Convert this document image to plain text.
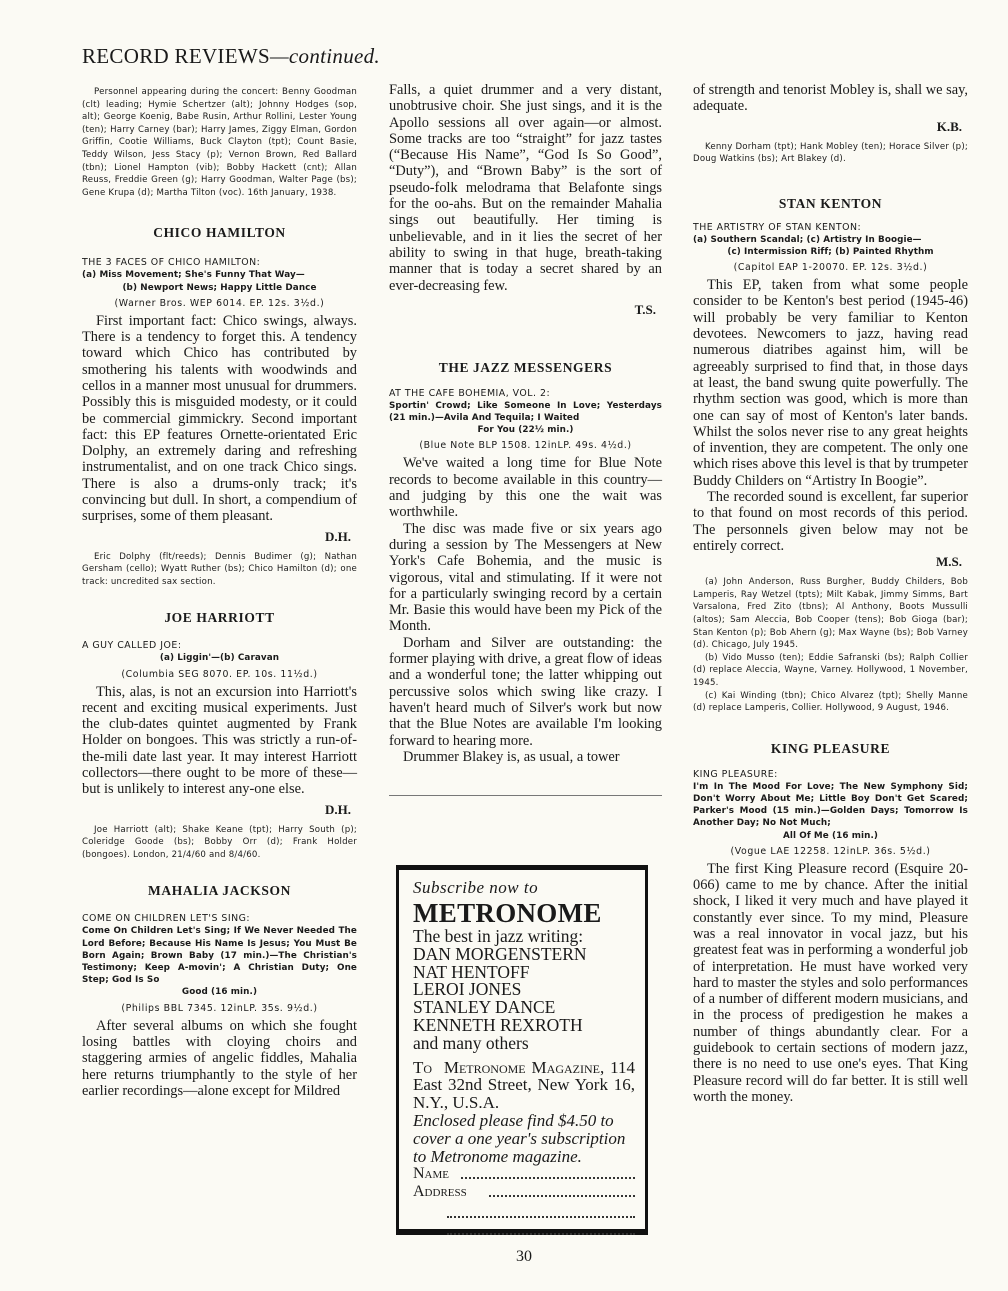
RECORD REVIEWS—continued.
Personnel appearing during the concert: Benny Goodman (clt) leading; Hymie Schertzer (alt); Johnny Hodges (sop, alt); George Koenig, Babe Rusin, Arthur Rollini, Lester Young (ten); Harry Carney (bar); Harry James, Ziggy Elman, Gordon Griffin, Cootie Williams, Buck Clayton (tpt); Count Basie, Teddy Wilson, Jess Stacy (p); Vernon Brown, Red Ballard (tbn); Lionel Hampton (vib); Bobby Hackett (cnt); Allan Reuss, Freddie Green (g); Harry Goodman, Walter Page (bs); Gene Krupa (d); Martha Tilton (voc). 16th January, 1938.
CHICO HAMILTON

THE 3 FACES OF CHICO HAMILTON:

(a) Miss Movement; She's Funny That Way—
(b) Newport News; Happy Little Dance

(Warner Bros. WEP 6014. EP. 12s. 3½d.)

First important fact: Chico swings, always. There is a tendency to forget this. A tendency toward which Chico has contributed by smothering his talents with woodwinds and cellos in a manner most unusual for drummers. Possibly this is misguided modesty, or it could be commercial gimmickry. Second important fact: this EP features Ornette-orientated Eric Dolphy, an extremely daring and refreshing instrumentalist, and on one track Chico sings. There is also a drums-only track; it's convincing but dull. In short, a compendium of surprises, some of them pleasant.

D.H.
Eric Dolphy (flt/reeds); Dennis Budimer (g); Nathan Gersham (cello); Wyatt Ruther (bs); Chico Hamilton (d); one track: uncredited sax section.
JOE HARRIOTT

A GUY CALLED JOE:

(a) Liggin'—(b) Caravan

(Columbia SEG 8070. EP. 10s. 11½d.)

This, alas, is not an excursion into Harriott's recent and exciting musical experiments. Just the club-dates quintet augmented by Frank Holder on bongoes. This was strictly a run-of-the-mili date last year. It may interest Harriott collectors—there ought to be more of these—but is unlikely to interest any-one else.

D.H.
Joe Harriott (alt); Shake Keane (tpt); Harry South (p); Coleridge Goode (bs); Bobby Orr (d); Frank Holder (bongoes). London, 21/4/60 and 8/4/60.
MAHALIA JACKSON

COME ON CHILDREN LET'S SING:

Come On Children Let's Sing; If We Never Needed The Lord Before; Because His Name Is Jesus; You Must Be Born Again; Brown Baby (17 min.)—The Christian's Testimony; Keep A-movin'; A Christian Duty; One Step; God Is So
Good (16 min.)

(Philips BBL 7345. 12inLP. 35s. 9½d.)

After several albums on which she fought losing battles with cloying choirs and staggering armies of angelic fiddles, Mahalia here returns triumphantly to the style of her earlier recordings—alone except for Mildred

Falls, a quiet drummer and a very distant, unobtrusive choir. She just sings, and it is the Apollo sessions all over again—or almost. Some tracks are too “straight” for jazz tastes (“Because His Name”, “God Is So Good”, “Duty”), and “Brown Baby” is the sort of pseudo-folk melodrama that Belafonte sings for the oo-ahs. But on the remainder Mahalia sings out beautifully. Her timing is unbelievable, and in it lies the secret of her ability to swing in that huge, breath-taking manner that is today a secret shared by an ever-decreasing few.

T.S.
THE JAZZ MESSENGERS

AT THE CAFE BOHEMIA, VOL. 2:

Sportin' Crowd; Like Someone In Love; Yesterdays (21 min.)—Avila And Tequila; I Waited
For You (22½ min.)

(Blue Note BLP 1508. 12inLP. 49s. 4½d.)

We've waited a long time for Blue Note records to become available in this country—and judging by this one the wait was worthwhile.

The disc was made five or six years ago during a session by The Messengers at New York's Cafe Bohemia, and the music is vigorous, vital and stimulating. If it were not for a particularly swinging record by a certain Mr. Basie this would have been my Pick of the Month.

Dorham and Silver are outstanding: the former playing with drive, a great flow of ideas and a wonderful tone; the latter whipping out percussive solos which swing like crazy. I haven't heard much of Silver's work but now that the Blue Notes are available I'm looking forward to hearing more.

Drummer Blakey is, as usual, a tower

Subscribe now to

METRONOME

The best in jazz writing:

DAN MORGENSTERN

NAT HENTOFF

LEROI JONES

STANLEY DANCE

KENNETH REXROTH

and many others

To Metronome Magazine, 114 East 32nd Street, New York 16, N.Y., U.S.A.

Enclosed please find $4.50 to cover a one year's subscription to Metronome magazine.

Name
Address

of strength and tenorist Mobley is, shall we say, adequate.

K.B.
Kenny Dorham (tpt); Hank Mobley (ten); Horace Silver (p); Doug Watkins (bs); Art Blakey (d).
STAN KENTON

THE ARTISTRY OF STAN KENTON:

(a) Southern Scandal; (c) Artistry In Boogie—
(c) Intermission Riff; (b) Painted Rhythm

(Capitol EAP 1-20070. EP. 12s. 3½d.)

This EP, taken from what some people consider to be Kenton's best period (1945-46) will probably be very familiar to Kenton devotees. Newcomers to jazz, having read numerous diatribes against him, will be agreeably surprised to find that, in those days at least, the band swung quite powerfully. The rhythm section was good, which is more than one can say of most of Kenton's later bands. Whilst the solos never rise to any great heights of invention, they are competent. The only one which rises above this level is that by trumpeter Buddy Childers on “Artistry In Boogie”.

The recorded sound is excellent, far superior to that found on most records of this period. The personnels given below may not be entirely correct.

M.S.
(a) John Anderson, Russ Burgher, Buddy Childers, Bob Lamperis, Ray Wetzel (tpts); Milt Kabak, Jimmy Simms, Bart Varsalona, Fred Zito (tbns); Al Anthony, Boots Mussulli (altos); Sam Aleccia, Bob Cooper (tens); Bob Gioga (bar); Stan Kenton (p); Bob Ahern (g); Max Wayne (bs); Bob Varney (d). Chicago, July 1945.
(b) Vido Musso (ten); Eddie Safranski (bs); Ralph Collier (d) replace Aleccia, Wayne, Varney. Hollywood, 1 November, 1945.
(c) Kai Winding (tbn); Chico Alvarez (tpt); Shelly Manne (d) replace Lamperis, Collier. Hollywood, 9 August, 1946.
KING PLEASURE

KING PLEASURE:

I'm In The Mood For Love; The New Symphony Sid; Don't Worry About Me; Little Boy Don't Get Scared; Parker's Mood (15 min.)—Golden Days; Tomorrow Is Another Day; No Not Much;
All Of Me (16 min.)

(Vogue LAE 12258. 12inLP. 36s. 5½d.)

The first King Pleasure record (Esquire 20-066) came to me by chance. After the initial shock, I liked it very much and have played it constantly ever since. To my mind, Pleasure was a real innovator in vocal jazz, but his greatest feat was in performing a wonderful job of interpretation. He must have worked very hard to master the styles and solo performances of a number of different modern musicians, and in the process of predigestion he makes a number of things abundantly clear. For a guidebook to certain sections of modern jazz, there is no need to use one's eyes. That King Pleasure record will do far better. It is still well worth the money.

30
